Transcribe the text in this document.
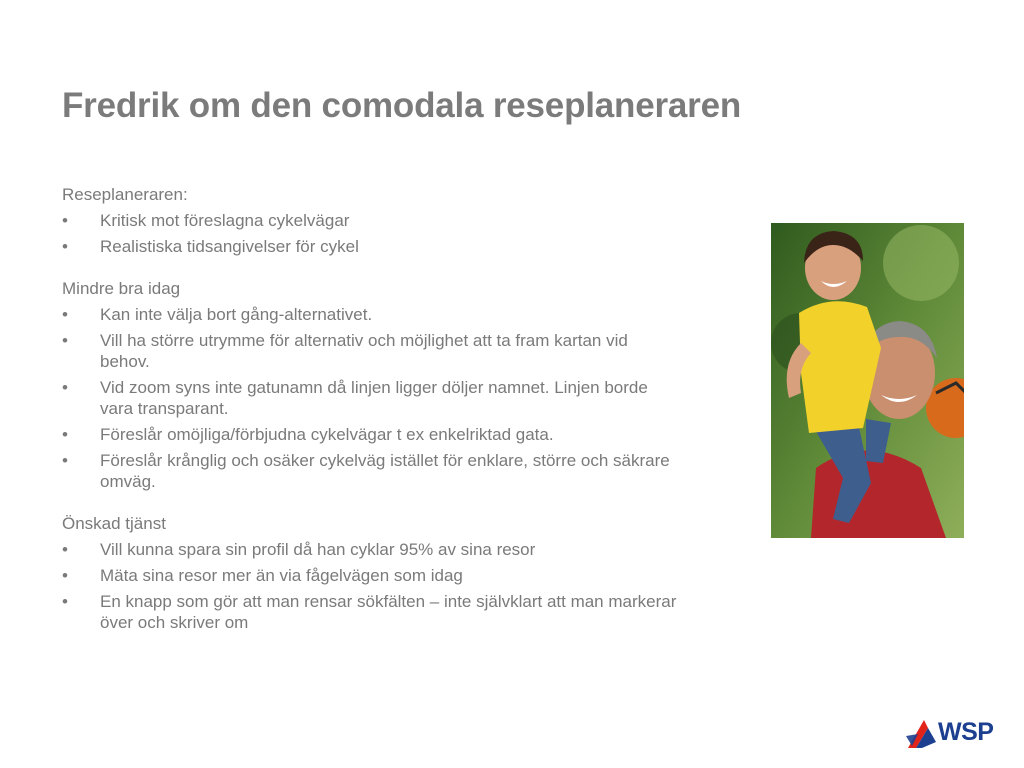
Fredrik om den comodala reseplaneraren
Reseplaneraren:
• Kritisk mot föreslagna cykelvägar
• Realistiska tidsangivelser för cykel
Mindre bra idag
• Kan inte välja bort gång-alternativet.
• Vill ha större utrymme för alternativ och möjlighet att ta fram kartan vid behov.
• Vid zoom syns inte gatunamn då linjen ligger döljer namnet. Linjen borde vara transparant.
• Föreslår omöjliga/förbjudna cykelvägar t ex enkelriktad gata.
• Föreslår krånglig och osäker cykelväg istället för enklare, större och säkrare omväg.
Önskad tjänst
• Vill kunna spara sin profil då han cyklar 95% av sina resor
• Mäta sina resor mer än via fågelvägen som idag
• En knapp som gör att man rensar sökfälten – inte självklart att man markerar över och skriver om
WSP
